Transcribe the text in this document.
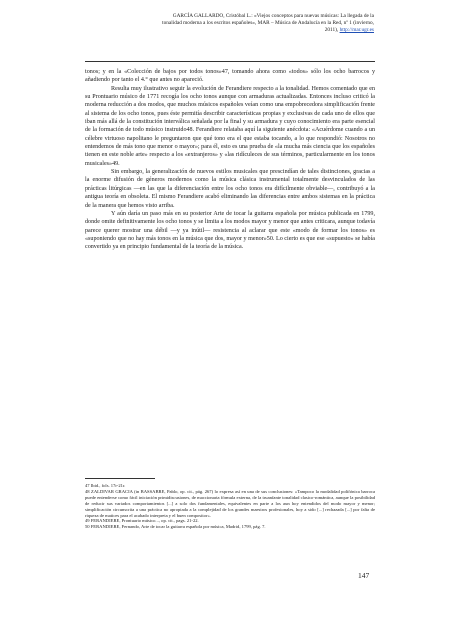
GARCÍA GALLARDO, Cristóbal L.: «Viejos conceptos para nuevas músicas: La llegada de la
tonalidad moderna a los escritos españoles», MAR – Música de Andalucía en la Red, nº 1 (invierno,
2011), http://mar.ugr.es

tonos; y en la «Colección de bajos por todos tonos»47, tomando ahora como «todos» sólo los ocho barrocos y añadiendo por tanto el 4.° que antes no apareció.

Resulta muy ilustrativo seguir la evolución de Ferandiere respecto a la tonalidad. Hemos comentado que en su Prontuario músico de 1771 recogía los ocho tonos aunque con armaduras actualizadas. Entonces incluso criticó la moderna reducción a dos modos, que muchos músicos españoles veían como una empobrecedora simplificación frente al sistema de los ocho tonos, pues éste permitía describir características propias y exclusivas de cada uno de ellos que iban más allá de la constitución interválica señalada por la final y su armadura y cuyo conocimiento era parte esencial de la formación de todo músico instruido48. Ferandiere relataba aquí la siguiente anécdota: «Acuérdome cuando a un célebre virtuoso napolitano le preguntaron que qué tono era el que estaba tocando, a lo que respondió: Nosotros no entendemos de más tono que menor o mayor»; para él, esto es una prueba de «la mucha más ciencia que los españoles tienen en este noble arte» respecto a los «extranjeros» y «las ridículeces de sus términos, particularmente en los tonos musicales»49.

Sin embargo, la generalización de nuevos estilos musicales que prescindían de tales distinciones, gracias a la enorme difusión de géneros modernos como la música clásica instrumental totalmente desvinculados de las prácticas litúrgicas —en las que la diferenciación entre los ocho tonos era difícilmente obviable—, contribuyó a la antigua teoría en obsoleta. El mismo Ferandiere acabó eliminando las diferencias entre ambos sistemas en la práctica de la manera que hemos visto arriba.

Y aún daría un paso más en su posterior Arte de tocar la guitarra española por música publicada en 1799, donde omite definitivamente los ocho tonos y se limita a los modos mayor y menor que antes criticara, aunque todavía parece querer mostrar una débil —y ya inútil— resistencia al aclarar que este «modo de formar los tonos» es «suponiendo que no hay más tonos en la música que dos, mayor y menor»50. Lo cierto es que ese «supuesto» se había convertido ya en principio fundamental de la teoría de la música.

47 Ibid., fols. 17r-21r.

48 ZALDIVAR GRACIA (in BASSABRE, Pablo, op. cit., pág. 267) lo expresa así en una de sus conclusiones: «Tampoco la modalidad polifónica barroca puede entenderse como fácil iniciación primidiscusiones, de maccionaria fórmula externa, de la truanfante tonalidad clasico-romántica, aunque la posibilidad de reducir sus variados comportamientos [...] a solo dos fundamentales, equivalentes en parte a los aun hoy entendidos del modo mayor y menor; simplificación circunscrita a una práctica no apropiada a la complejidad de los grandes maestros profesionales, hoy a sido [...] rechazada [...] por falta de riqueza de matices para el acabado interpreta y el buen compositor».

49 FERANDIERE, Prontuario músico..., op. cit., pags. 21-22.

50 FERANDIERE, Fernando, Arte de tocar la guitarra española por música, Madrid, 1799, pág. 7.

147
